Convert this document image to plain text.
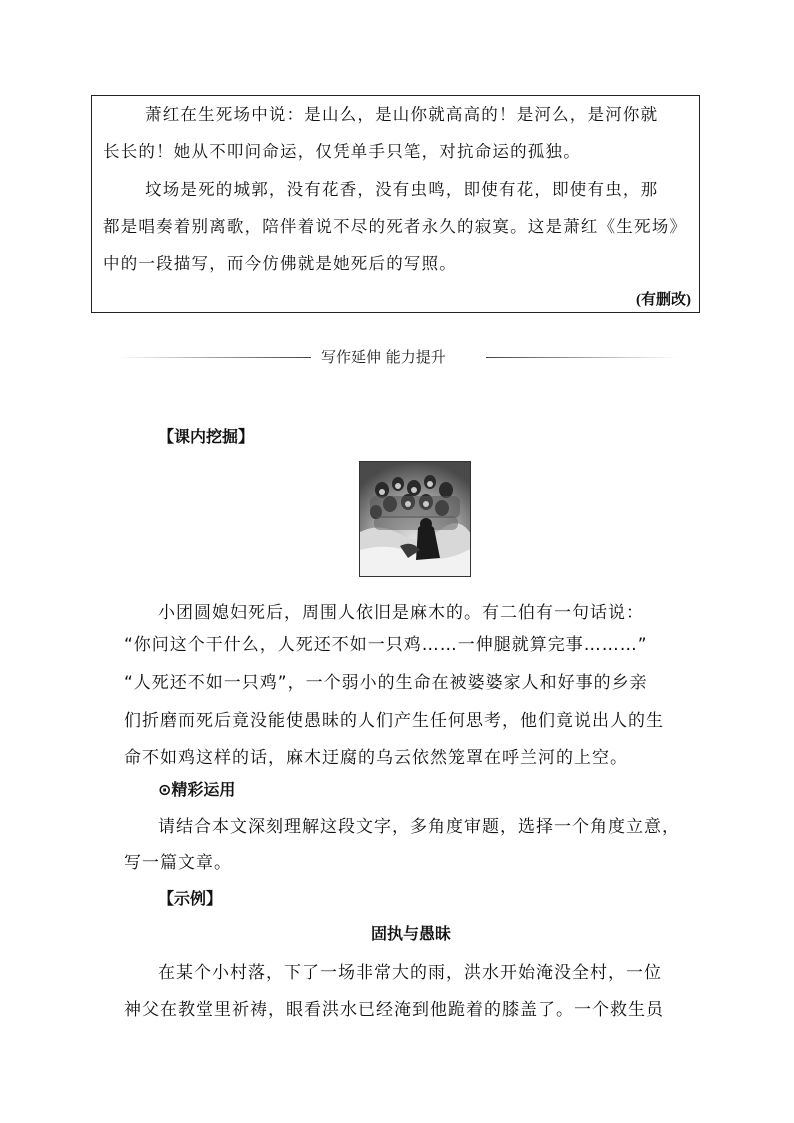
萧红在生死场中说：是山么，是山你就高高的！是河么，是河你就

长长的！她从不叩问命运，仅凭单手只笔，对抗命运的孤独。

坟场是死的城郭，没有花香，没有虫鸣，即使有花，即使有虫，那

都是唱奏着别离歌，陪伴着说不尽的死者永久的寂寞。这是萧红《生死场》

中的一段描写，而今仿佛就是她死后的写照。

(有删改)

写作延伸 能力提升
【课内挖掘】
小团圆媳妇死后，周围人依旧是麻木的。有二伯有一句话说：
“你问这个干什么，人死还不如一只鸡……一伸腿就算完事………”
“人死还不如一只鸡”，一个弱小的生命在被婆婆家人和好事的乡亲
们折磨而死后竟没能使愚昧的人们产生任何思考，他们竟说出人的生
命不如鸡这样的话，麻木迂腐的乌云依然笼罩在呼兰河的上空。
⊙精彩运用
请结合本文深刻理解这段文字，多角度审题，选择一个角度立意，
写一篇文章。
【示例】
固执与愚昧
在某个小村落，下了一场非常大的雨，洪水开始淹没全村，一位
神父在教堂里祈祷，眼看洪水已经淹到他跪着的膝盖了。一个救生员
